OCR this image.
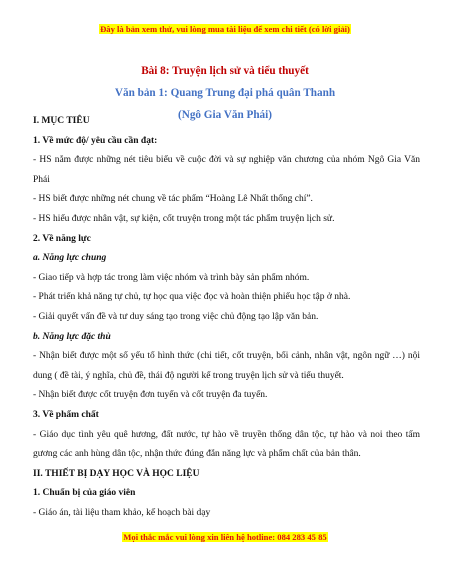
Đây là bản xem thử, vui lòng mua tài liệu để xem chi tiết (có lời giải)
Bài 8: Truyện lịch sử và tiểu thuyết
Văn bản 1: Quang Trung đại phá quân Thanh
(Ngô Gia Văn Phái)

I. MỤC TIÊU

1. Về mức độ/ yêu cầu cần đạt:

- HS nắm được những nét tiêu biểu về cuộc đời và sự nghiệp văn chương của nhóm Ngô Gia Văn Phái

- HS biết được những nét chung về tác phẩm “Hoàng Lê Nhất thống chí”.

- HS hiểu được nhân vật, sự kiện, cốt truyện trong một tác phẩm truyện lịch sử.

2. Về năng lực

a. Năng lực chung

- Giao tiếp và hợp tác trong làm việc nhóm và trình bày sản phẩm nhóm.

- Phát triển khả năng tự chủ, tự học qua việc đọc và hoàn thiện phiếu học tập ở nhà.

- Giải quyết vấn đề và tư duy sáng tạo trong việc chủ động tạo lập văn bản.

b. Năng lực đặc thù

- Nhận biết được một số yếu tố hình thức (chi tiết, cốt truyện, bối cảnh, nhân vật, ngôn ngữ …) nội dung ( đề tài, ý nghĩa, chủ đề, thái độ người kể trong truyện lịch sử và tiểu thuyết.

- Nhận biết được cốt truyện đơn tuyến và cốt truyện đa tuyến.

3. Về phẩm chất

- Giáo dục tình yêu quê hương, đất nước, tự hào về truyền thống dân tộc, tự hào và noi theo tấm gương các anh hùng dân tộc, nhận thức đúng đắn năng lực và phẩm chất của bản thân.

II. THIẾT BỊ DẠY HỌC VÀ HỌC LIỆU

1. Chuẩn bị của giáo viên

- Giáo án, tài liệu tham khảo, kế hoạch bài dạy

Mọi thắc mắc vui lòng xin liên hệ hotline: 084 283 45 85
